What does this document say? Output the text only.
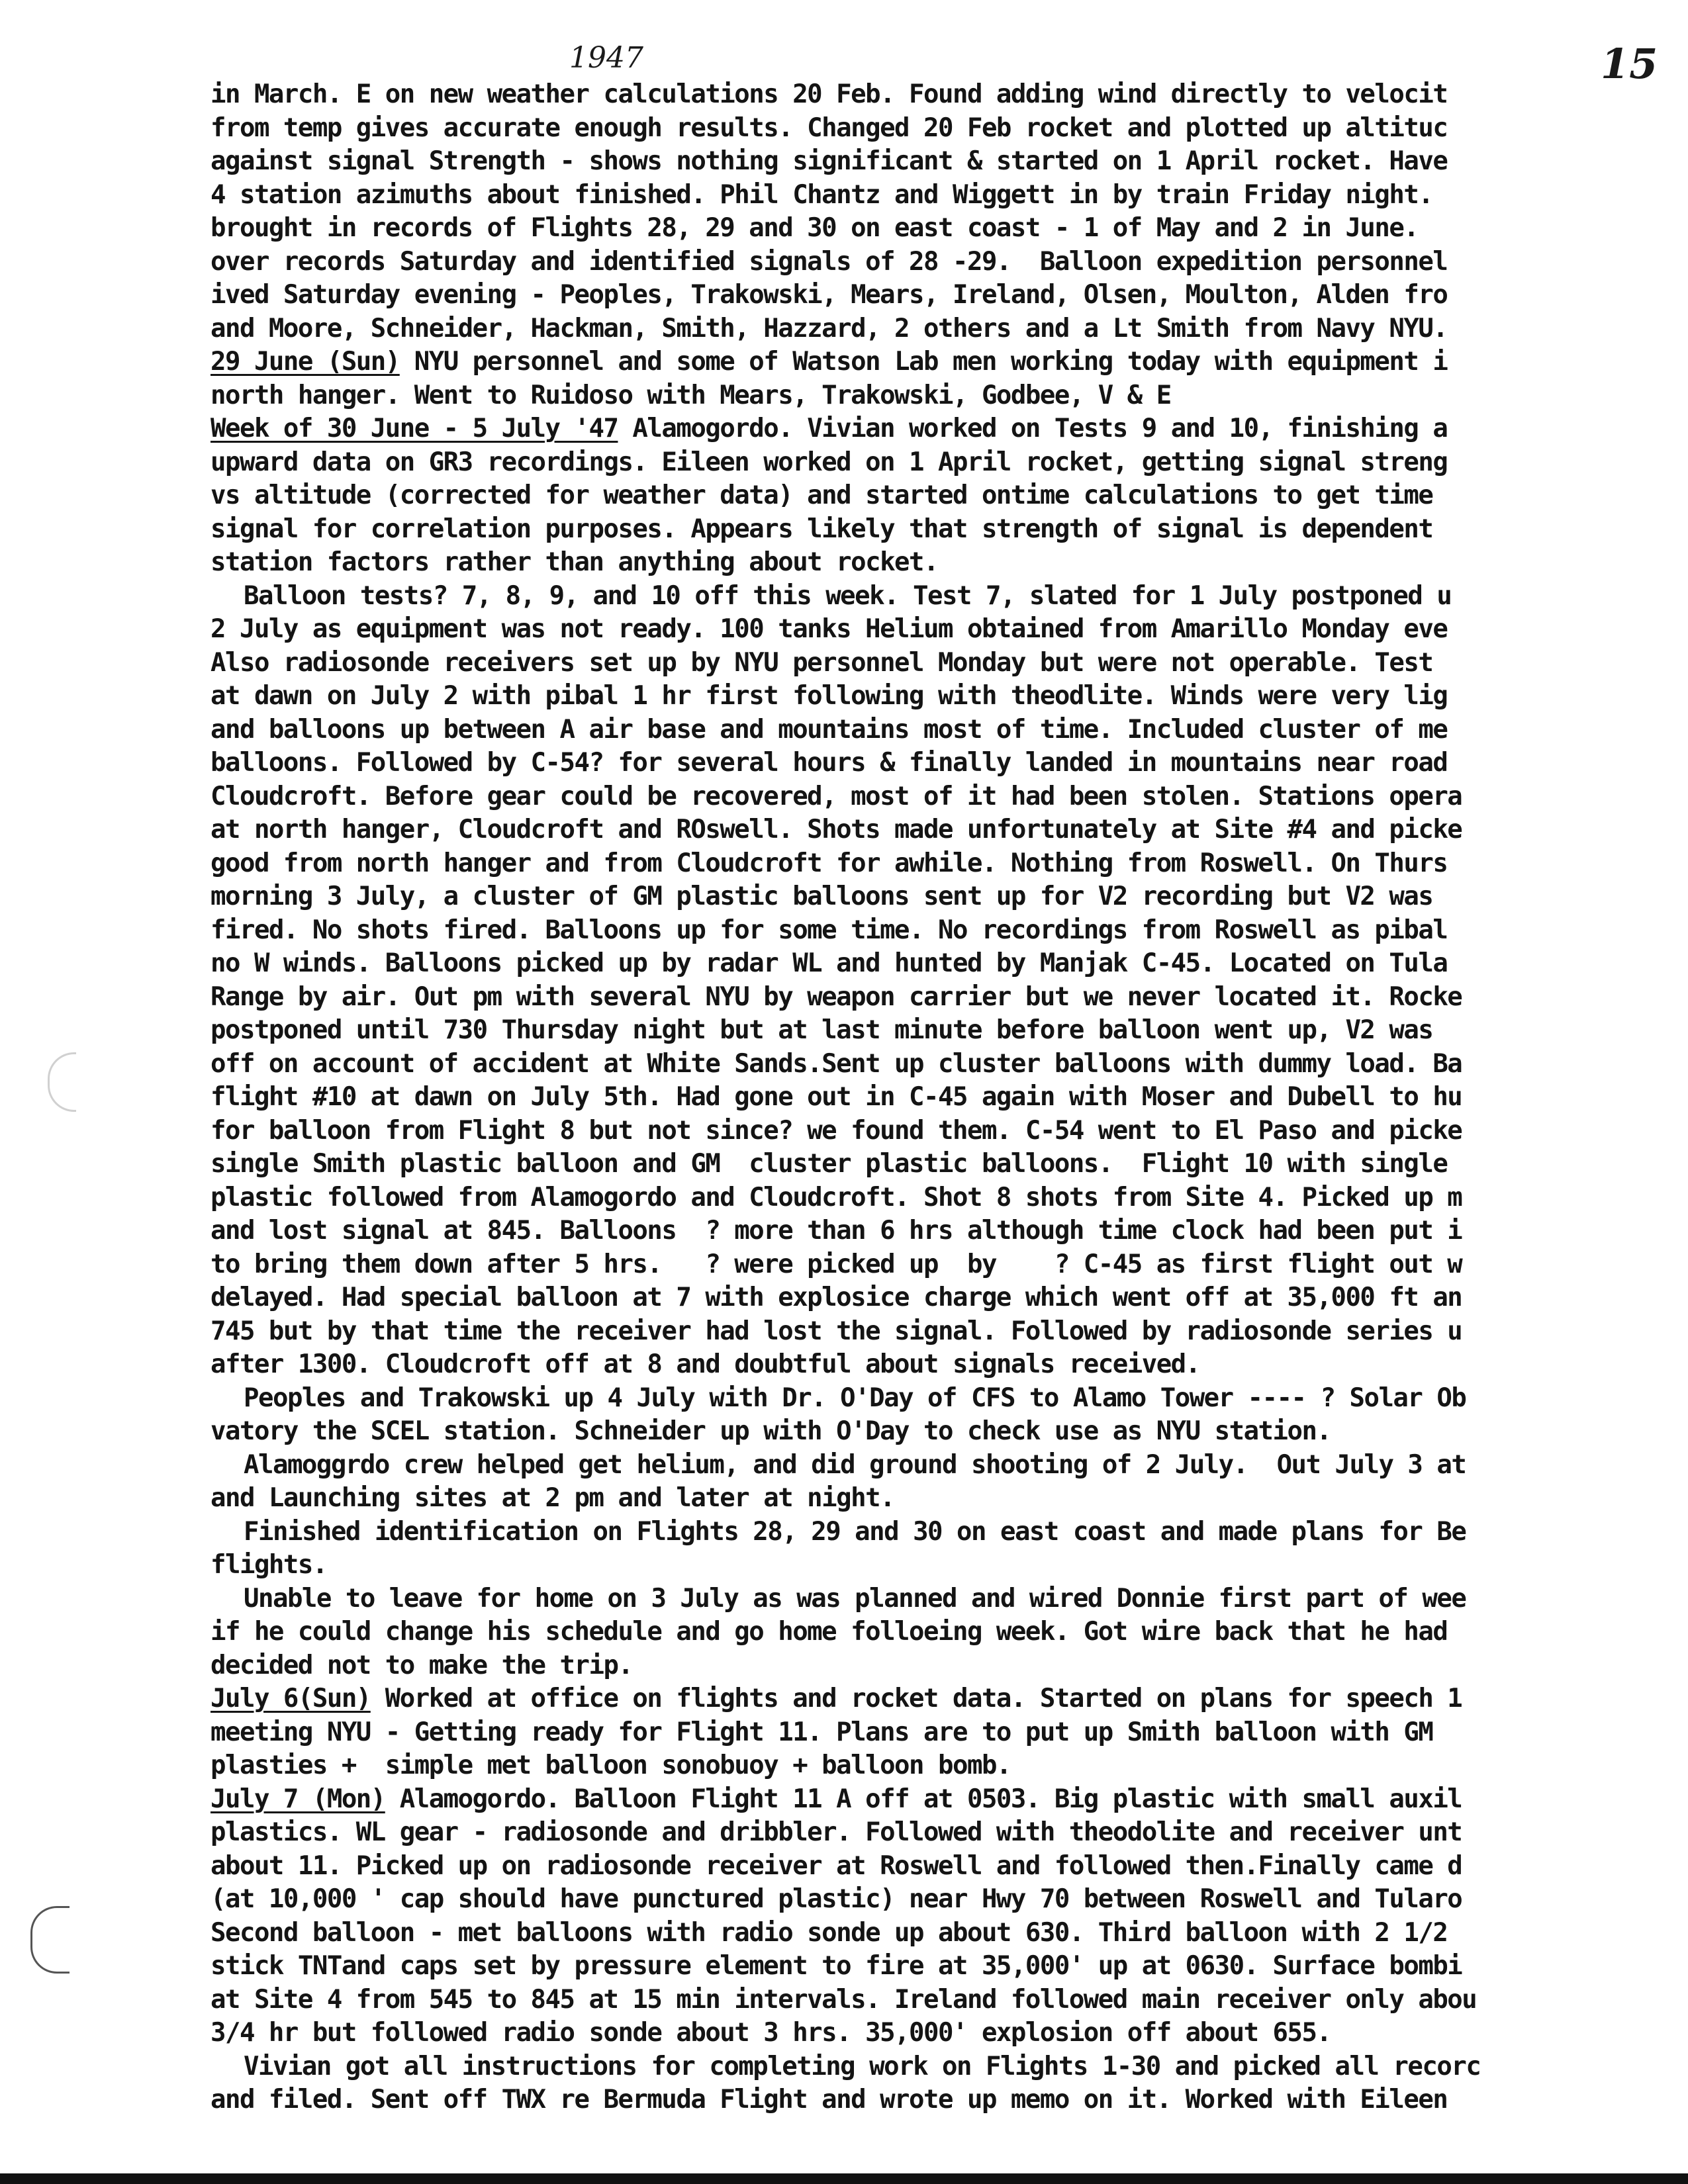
1947	15
in March. E on new weather calculations 20 Feb. Found adding wind directly to velocit
from temp gives accurate enough results. Changed 20 Feb rocket and plotted up altituc
against signal Strength - shows nothing significant & started on 1 April rocket. Have
4 station azimuths about finished. Phil Chantz and Wiggett in by train Friday night.
brought in records of Flights 28, 29 and 30 on east coast - 1 of May and 2 in June.
over records Saturday and identified signals of 28 -29.  Balloon expedition personnel
ived Saturday evening - Peoples, Trakowski, Mears, Ireland, Olsen, Moulton, Alden fro
and Moore, Schneider, Hackman, Smith, Hazzard, 2 others and a Lt Smith from Navy NYU.
29 June (Sun) NYU personnel and some of Watson Lab men working today with equipment i
north hanger. Went to Ruidoso with Mears, Trakowski, Godbee, V & E
Week of 30 June - 5 July '47 Alamogordo. Vivian worked on Tests 9 and 10, finishing a
upward data on GR3 recordings. Eileen worked on 1 April rocket, getting signal streng
vs altitude (corrected for weather data) and started ontime calculations to get time
signal for correlation purposes. Appears likely that strength of signal is dependent
station factors rather than anything about rocket.
Balloon tests? 7, 8, 9, and 10 off this week. Test 7, slated for 1 July postponed u
2 July as equipment was not ready. 100 tanks Helium obtained from Amarillo Monday eve
Also radiosonde receivers set up by NYU personnel Monday but were not operable. Test
at dawn on July 2 with pibal 1 hr first following with theodlite. Winds were very lig
and balloons up between A air base and mountains most of time. Included cluster of me
balloons. Followed by C-54? for several hours & finally landed in mountains near road
Cloudcroft. Before gear could be recovered, most of it had been stolen. Stations opera
at north hanger, Cloudcroft and ROswell. Shots made unfortunately at Site #4 and picke
good from north hanger and from Cloudcroft for awhile. Nothing from Roswell. On Thurs
morning 3 July, a cluster of GM plastic balloons sent up for V2 recording but V2 was
fired. No shots fired. Balloons up for some time. No recordings from Roswell as pibal
no W winds. Balloons picked up by radar WL and hunted by Manjak C-45. Located on Tula
Range by air. Out pm with several NYU by weapon carrier but we never located it. Rocke
postponed until 730 Thursday night but at last minute before balloon went up, V2 was
off on account of accident at White Sands.Sent up cluster balloons with dummy load. Ba
flight #10 at dawn on July 5th. Had gone out in C-45 again with Moser and Dubell to hu
for balloon from Flight 8 but not since? we found them. C-54 went to El Paso and picke
single Smith plastic balloon and GM  cluster plastic balloons.  Flight 10 with single
plastic followed from Alamogordo and Cloudcroft. Shot 8 shots from Site 4. Picked up m
and lost signal at 845. Balloons  ? more than 6 hrs although time clock had been put i
to bring them down after 5 hrs.   ? were picked up  by    ? C-45 as first flight out w
delayed. Had special balloon at 7 with explosice charge which went off at 35,000 ft an
745 but by that time the receiver had lost the signal. Followed by radiosonde series u
after 1300. Cloudcroft off at 8 and doubtful about signals received.
Peoples and Trakowski up 4 July with Dr. O'Day of CFS to Alamo Tower ---- ? Solar Ob
vatory the SCEL station. Schneider up with O'Day to check use as NYU station.
Alamoggrdo crew helped get helium, and did ground shooting of 2 July.  Out July 3 at
and Launching sites at 2 pm and later at night.
Finished identification on Flights 28, 29 and 30 on east coast and made plans for Be
flights.
Unable to leave for home on 3 July as was planned and wired Donnie first part of wee
if he could change his schedule and go home folloeing week. Got wire back that he had
decided not to make the trip.
July 6(Sun) Worked at office on flights and rocket data. Started on plans for speech 1
meeting NYU - Getting ready for Flight 11. Plans are to put up Smith balloon with GM
plasties +  simple met balloon sonobuoy + balloon bomb.
July 7 (Mon) Alamogordo. Balloon Flight 11 A off at 0503. Big plastic with small auxil
plastics. WL gear - radiosonde and dribbler. Followed with theodolite and receiver unt
about 11. Picked up on radiosonde receiver at Roswell and followed then.Finally came d
(at 10,000 ' cap should have punctured plastic) near Hwy 70 between Roswell and Tularo
Second balloon - met balloons with radio sonde up about 630. Third balloon with 2 1/2
stick TNTand caps set by pressure element to fire at 35,000' up at 0630. Surface bombi
at Site 4 from 545 to 845 at 15 min intervals. Ireland followed main receiver only abou
3/4 hr but followed radio sonde about 3 hrs. 35,000' explosion off about 655.
Vivian got all instructions for completing work on Flights 1-30 and picked all recorc
and filed. Sent off TWX re Bermuda Flight and wrote up memo on it. Worked with Eileen
